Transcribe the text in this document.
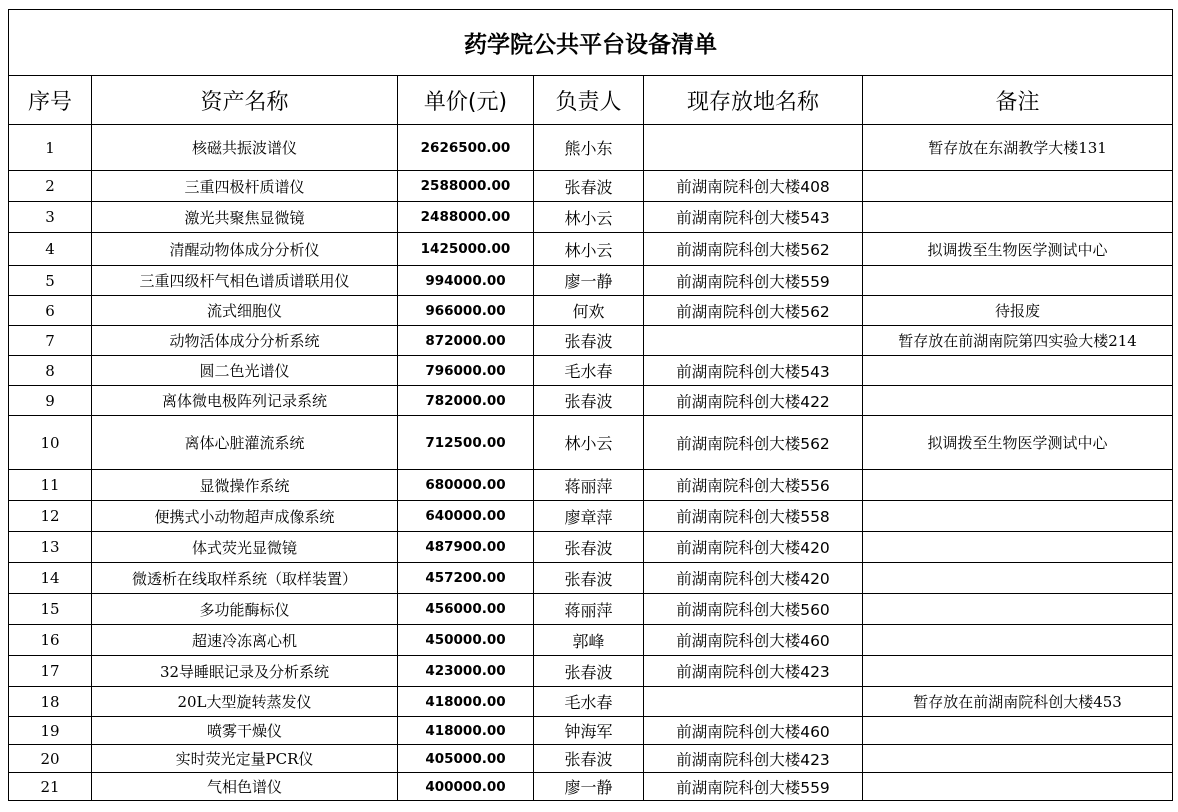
药学院公共平台设备清单					
序号	资产名称	单价(元)	负责人	现存放地名称	备注
1	核磁共振波谱仪	2626500.00	熊小东		暂存放在东湖教学大楼131
2	三重四极杆质谱仪	2588000.00	张春波	前湖南院科创大楼408	
3	激光共聚焦显微镜	2488000.00	林小云	前湖南院科创大楼543	
4	清醒动物体成分分析仪	1425000.00	林小云	前湖南院科创大楼562	拟调拨至生物医学测试中心
5	三重四级杆气相色谱质谱联用仪	994000.00	廖一静	前湖南院科创大楼559	
6	流式细胞仪	966000.00	何欢	前湖南院科创大楼562	待报废
7	动物活体成分分析系统	872000.00	张春波		暂存放在前湖南院第四实验大楼214
8	圆二色光谱仪	796000.00	毛水春	前湖南院科创大楼543	
9	离体微电极阵列记录系统	782000.00	张春波	前湖南院科创大楼422	
10	离体心脏灌流系统	712500.00	林小云	前湖南院科创大楼562	拟调拨至生物医学测试中心
11	显微操作系统	680000.00	蒋丽萍	前湖南院科创大楼556	
12	便携式小动物超声成像系统	640000.00	廖章萍	前湖南院科创大楼558	
13	体式荧光显微镜	487900.00	张春波	前湖南院科创大楼420	
14	微透析在线取样系统（取样装置）	457200.00	张春波	前湖南院科创大楼420	
15	多功能酶标仪	456000.00	蒋丽萍	前湖南院科创大楼560	
16	超速冷冻离心机	450000.00	郭峰	前湖南院科创大楼460	
17	32导睡眠记录及分析系统	423000.00	张春波	前湖南院科创大楼423	
18	20L大型旋转蒸发仪	418000.00	毛水春		暂存放在前湖南院科创大楼453
19	喷雾干燥仪	418000.00	钟海军	前湖南院科创大楼460	
20	实时荧光定量PCR仪	405000.00	张春波	前湖南院科创大楼423	
21	气相色谱仪	400000.00	廖一静	前湖南院科创大楼559	
